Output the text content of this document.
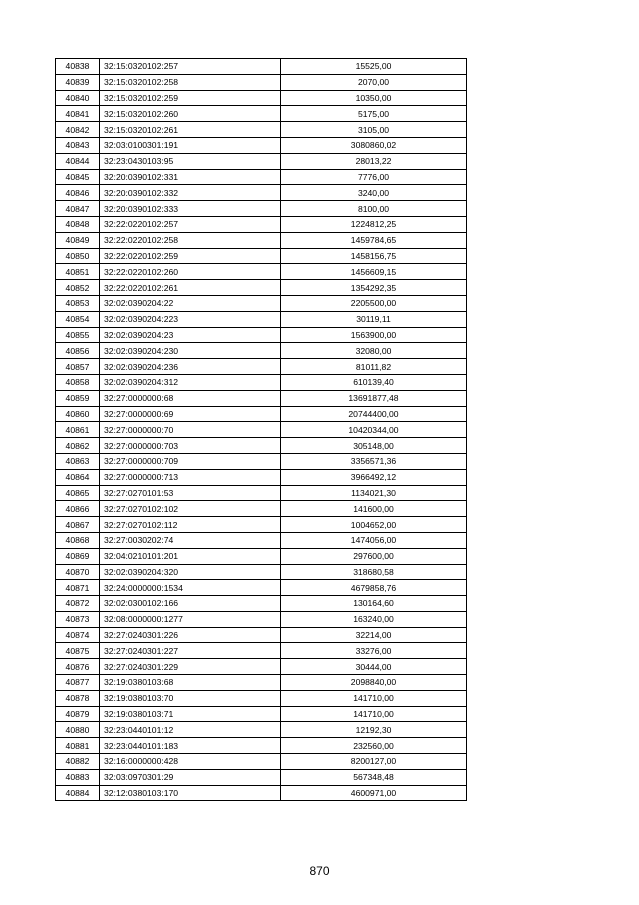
40838	32:15:0320102:257	15525,00
40839	32:15:0320102:258	2070,00
40840	32:15:0320102:259	10350,00
40841	32:15:0320102:260	5175,00
40842	32:15:0320102:261	3105,00
40843	32:03:0100301:191	3080860,02
40844	32:23:0430103:95	28013,22
40845	32:20:0390102:331	7776,00
40846	32:20:0390102:332	3240,00
40847	32:20:0390102:333	8100,00
40848	32:22:0220102:257	1224812,25
40849	32:22:0220102:258	1459784,65
40850	32:22:0220102:259	1458156,75
40851	32:22:0220102:260	1456609,15
40852	32:22:0220102:261	1354292,35
40853	32:02:0390204:22	2205500,00
40854	32:02:0390204:223	30119,11
40855	32:02:0390204:23	1563900,00
40856	32:02:0390204:230	32080,00
40857	32:02:0390204:236	81011,82
40858	32:02:0390204:312	610139,40
40859	32:27:0000000:68	13691877,48
40860	32:27:0000000:69	20744400,00
40861	32:27:0000000:70	10420344,00
40862	32:27:0000000:703	305148,00
40863	32:27:0000000:709	3356571,36
40864	32:27:0000000:713	3966492,12
40865	32:27:0270101:53	1134021,30
40866	32:27:0270102:102	141600,00
40867	32:27:0270102:112	1004652,00
40868	32:27:0030202:74	1474056,00
40869	32:04:0210101:201	297600,00
40870	32:02:0390204:320	318680,58
40871	32:24:0000000:1534	4679858,76
40872	32:02:0300102:166	130164,60
40873	32:08:0000000:1277	163240,00
40874	32:27:0240301:226	32214,00
40875	32:27:0240301:227	33276,00
40876	32:27:0240301:229	30444,00
40877	32:19:0380103:68	2098840,00
40878	32:19:0380103:70	141710,00
40879	32:19:0380103:71	141710,00
40880	32:23:0440101:12	12192,30
40881	32:23:0440101:183	232560,00
40882	32:16:0000000:428	8200127,00
40883	32:03:0970301:29	567348,48
40884	32:12:0380103:170	4600971,00
870
